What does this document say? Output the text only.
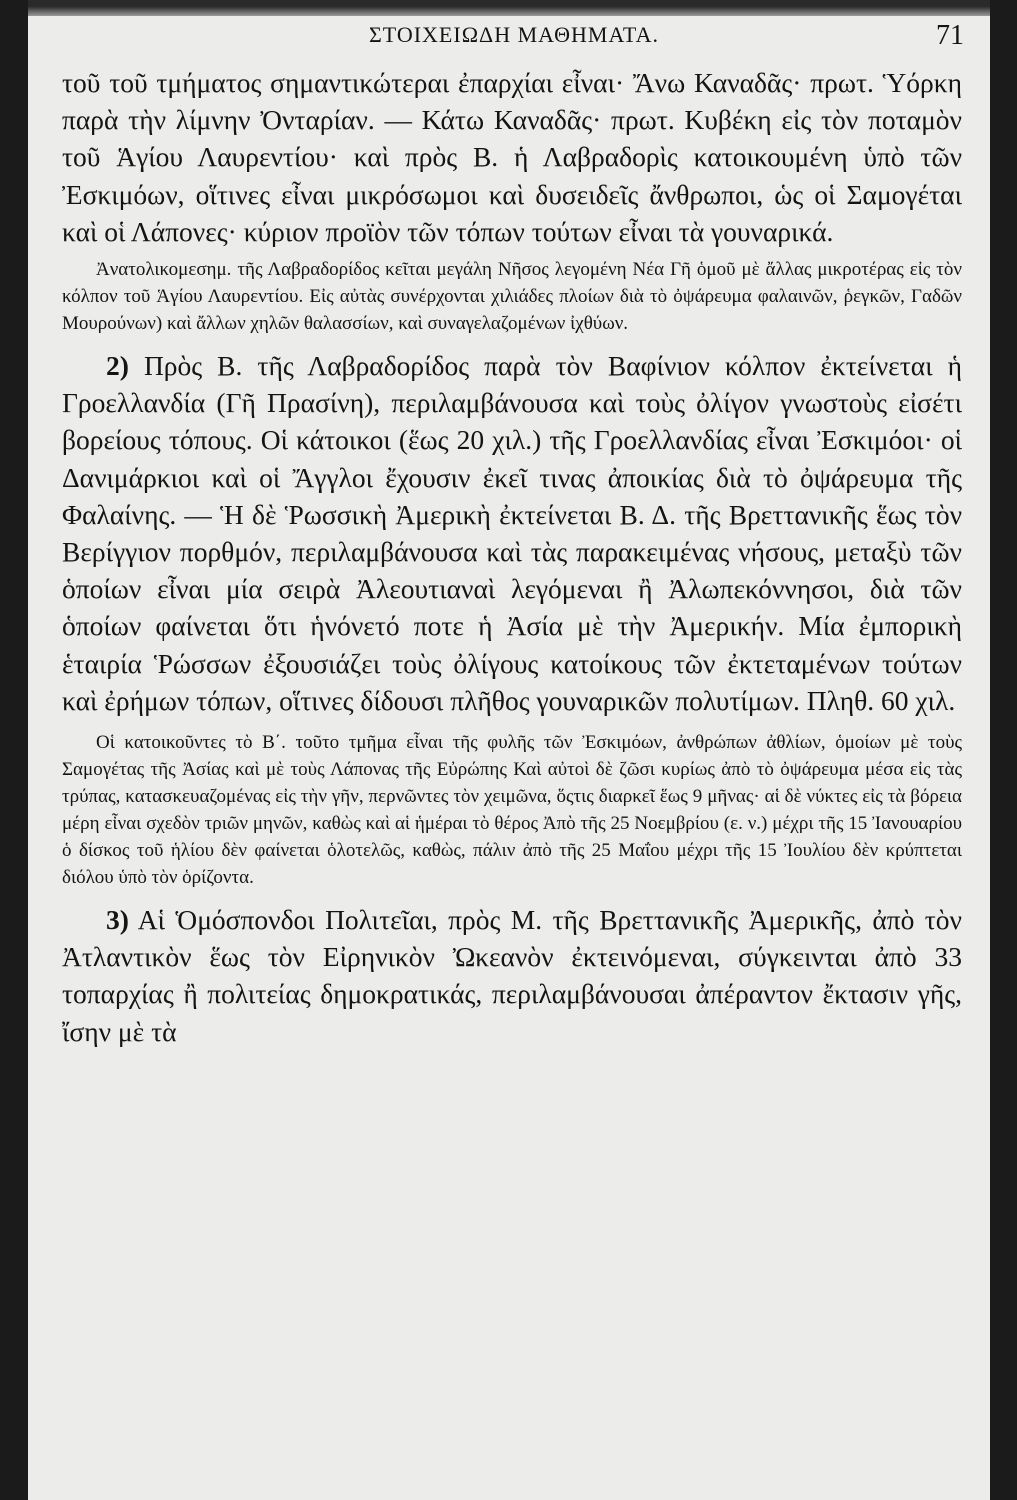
ΣΤΟΙΧΕΙΩΔΗ ΜΑΘΗΜΑΤΑ.	71

τοῦ τοῦ τμήματος σημαντικώτεραι ἐπαρχίαι εἶναι· Ἄνω Καναδᾶς· πρωτ. Ὑόρκη παρὰ τὴν λίμνην Ὀνταρίαν. — Κάτω Καναδᾶς· πρωτ. Κυβέκη εἰς τὸν ποταμὸν τοῦ Ἁγίου Λαυρεντίου· καὶ πρὸς Β. ἡ Λαβραδορὶς κατοικουμένη ὑπὸ τῶν Ἐσκιμόων, οἵτινες εἶναι μικρόσωμοι καὶ δυσειδεῖς ἄνθρωποι, ὡς οἱ Σαμογέται καὶ οἱ Λάπονες· κύριον προϊὸν τῶν τόπων τούτων εἶναι τὰ γουναρικά.

Ἀνατολικομεσημ. τῆς Λαβραδορίδος κεῖται μεγάλη Νῆσος λεγομένη Νέα Γῆ ὁμοῦ μὲ ἄλλας μικροτέρας εἰς τὸν κόλπον τοῦ Ἁγίου Λαυρεντίου. Εἰς αὐτὰς συνέρχονται χιλιάδες πλοίων διὰ τὸ ὀψάρευμα φαλαινῶν, ῥεγκῶν, Γαδῶν Μουρούνων) καὶ ἄλλων χηλῶν θαλασσίων, καὶ συναγελαζομένων ἰχθύων.

2) Πρὸς Β. τῆς Λαβραδορίδος παρὰ τὸν Βαφίνιον κόλπον ἐκτείνεται ἡ Γροελλανδία (Γῆ Πρασίνη), περιλαμβάνουσα καὶ τοὺς ὀλίγον γνωστοὺς εἰσέτι βορείους τόπους. Οἱ κάτοικοι (ἕως 20 χιλ.) τῆς Γροελλανδίας εἶναι Ἐσκιμόοι· οἱ Δανιμάρκιοι καὶ οἱ Ἄγγλοι ἔχουσιν ἐκεῖ τινας ἀποικίας διὰ τὸ ὀψάρευμα τῆς Φαλαίνης. — Ἡ δὲ Ῥωσσικὴ Ἀμερικὴ ἐκτείνεται Β. Δ. τῆς Βρεττανικῆς ἕως τὸν Βερίγγιον πορθμόν, περιλαμβάνουσα καὶ τὰς παρακειμένας νήσους, μεταξὺ τῶν ὁποίων εἶναι μία σειρὰ Ἀλεουτιαναὶ λεγόμεναι ἢ Ἀλωπεκόννησοι, διὰ τῶν ὁποίων φαίνεται ὅτι ἡνόνετό ποτε ἡ Ἀσία μὲ τὴν Ἀμερικήν. Μία ἐμπορικὴ ἑταιρία Ῥώσσων ἐξουσιάζει τοὺς ὀλίγους κατοίκους τῶν ἐκτεταμένων τούτων καὶ ἐρήμων τόπων, οἵτινες δίδουσι πλῆθος γουναρικῶν πολυτίμων. Πληθ. 60 χιλ.

Οἱ κατοικοῦντες τὸ Β΄. τοῦτο τμῆμα εἶναι τῆς φυλῆς τῶν Ἐσκιμόων, ἀνθρώπων ἀθλίων, ὁμοίων μὲ τοὺς Σαμογέτας τῆς Ἀσίας καὶ μὲ τοὺς Λάπονας τῆς Εὐρώπης Καὶ αὐτοὶ δὲ ζῶσι κυρίως ἀπὸ τὸ ὀψάρευμα μέσα εἰς τὰς τρύπας, κατασκευαζομένας εἰς τὴν γῆν, περνῶντες τὸν χειμῶνα, ὅςτις διαρκεῖ ἕως 9 μῆνας· αἱ δὲ νύκτες εἰς τὰ βόρεια μέρη εἶναι σχεδὸν τριῶν μηνῶν, καθὼς καὶ αἱ ἡμέραι τὸ θέρος Ἀπὸ τῆς 25 Νοεμβρίου (ε. ν.) μέχρι τῆς 15 Ἰανουαρίου ὁ δίσκος τοῦ ἡλίου δὲν φαίνεται ὁλοτελῶς, καθὼς, πάλιν ἀπὸ τῆς 25 Μαΐου μέχρι τῆς 15 Ἰουλίου δὲν κρύπτεται διόλου ὑπὸ τὸν ὁρίζοντα.

3) Αἱ Ὁμόσπονδοι Πολιτεῖαι, πρὸς Μ. τῆς Βρεττανικῆς Ἀμερικῆς, ἀπὸ τὸν Ἀτλαντικὸν ἕως τὸν Εἰρηνικὸν Ὠκεανὸν ἐκτεινόμεναι, σύγκεινται ἀπὸ 33 τοπαρχίας ἢ πολιτείας δημοκρατικάς, περιλαμβάνουσαι ἀπέραντον ἔκτασιν γῆς, ἴσην μὲ τὰ
